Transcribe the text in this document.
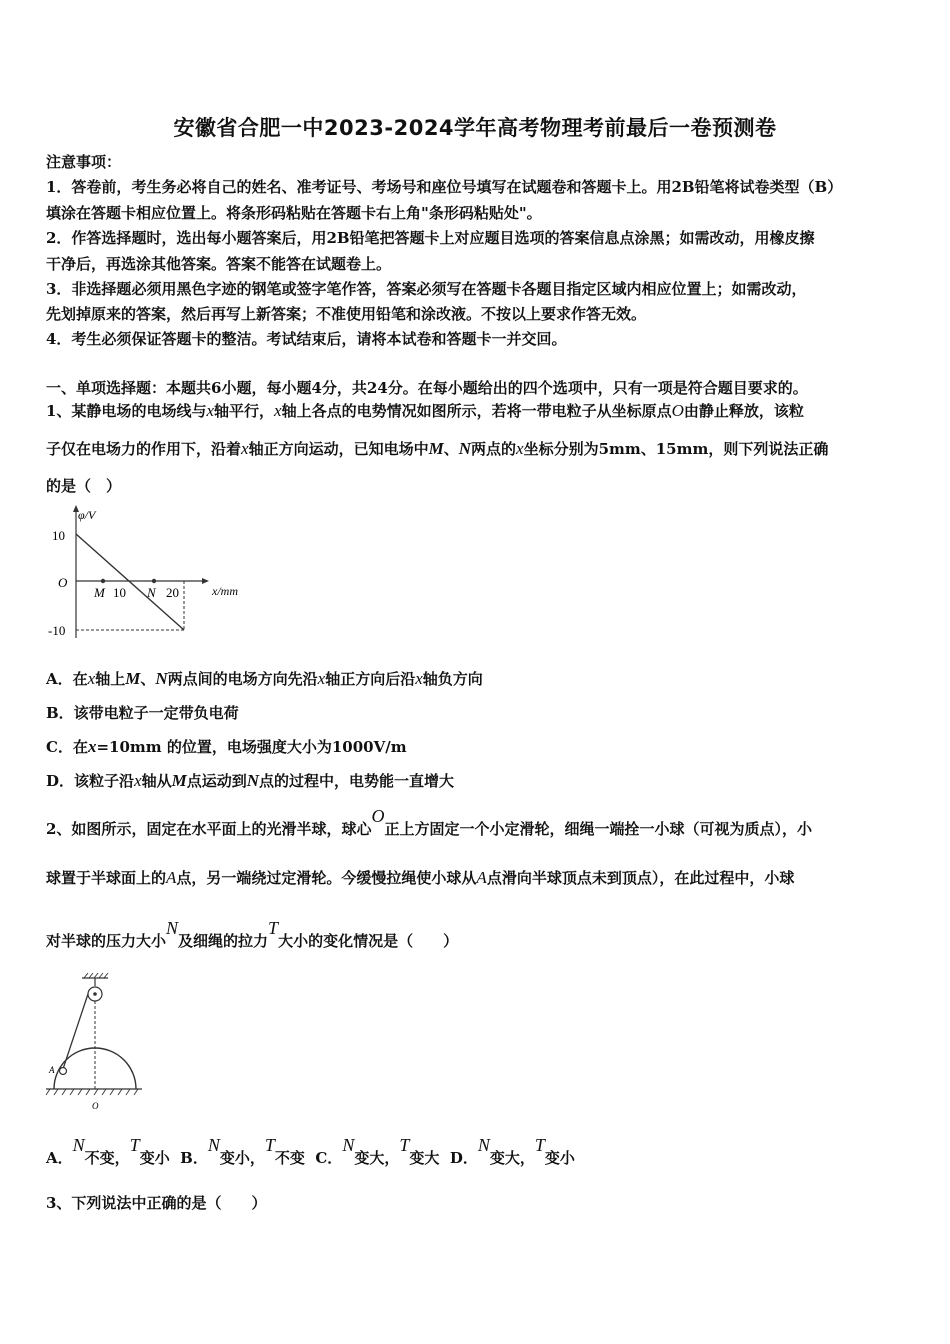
安徽省合肥一中2023-2024学年高考物理考前最后一卷预测卷
注意事项：
1．答卷前，考生务必将自己的姓名、准考证号、考场号和座位号填写在试题卷和答题卡上。用2B铅笔将试卷类型（B）
填涂在答题卡相应位置上。将条形码粘贴在答题卡右上角"条形码粘贴处"。
2．作答选择题时，选出每小题答案后，用2B铅笔把答题卡上对应题目选项的答案信息点涂黑；如需改动，用橡皮擦
干净后，再选涂其他答案。答案不能答在试题卷上。
3．非选择题必须用黑色字迹的钢笔或签字笔作答，答案必须写在答题卡各题目指定区域内相应位置上；如需改动，
先划掉原来的答案，然后再写上新答案；不准使用铅笔和涂改液。不按以上要求作答无效。
4．考生必须保证答题卡的整洁。考试结束后，请将本试卷和答题卡一并交回。
一、单项选择题：本题共6小题，每小题4分，共24分。在每小题给出的四个选项中，只有一项是符合题目要求的。
1、某静电场的电场线与x轴平行，x轴上各点的电势情况如图所示，若将一带电粒子从坐标原点O由静止释放，该粒
子仅在电场力的作用下，沿着x轴正方向运动，已知电场中M、N两点的x坐标分别为5mm、15mm，则下列说法正确
的是（　）
φ/V
10
O
-10
M 10 N 20	x/mm
A．在x轴上M、N两点间的电场方向先沿x轴正方向后沿x轴负方向
B．该带电粒子一定带负电荷
C．在x=10mm 的位置，电场强度大小为1000V/m
D．该粒子沿x轴从M点运动到N点的过程中，电势能一直增大
2、如图所示，固定在水平面上的光滑半球，球心O正上方固定一个小定滑轮，细绳一端拴一小球（可视为质点），小
球置于半球面上的A点，另一端绕过定滑轮。今缓慢拉绳使小球从A点滑向半球顶点未到顶点），在此过程中，小球
对半球的压力大小N及细绳的拉力T大小的变化情况是（　　）
A
O
A．N不变，T变小 B．N变小，T不变 C．N变大，T变大 D．N变大，T变小
3、下列说法中正确的是（　　）
